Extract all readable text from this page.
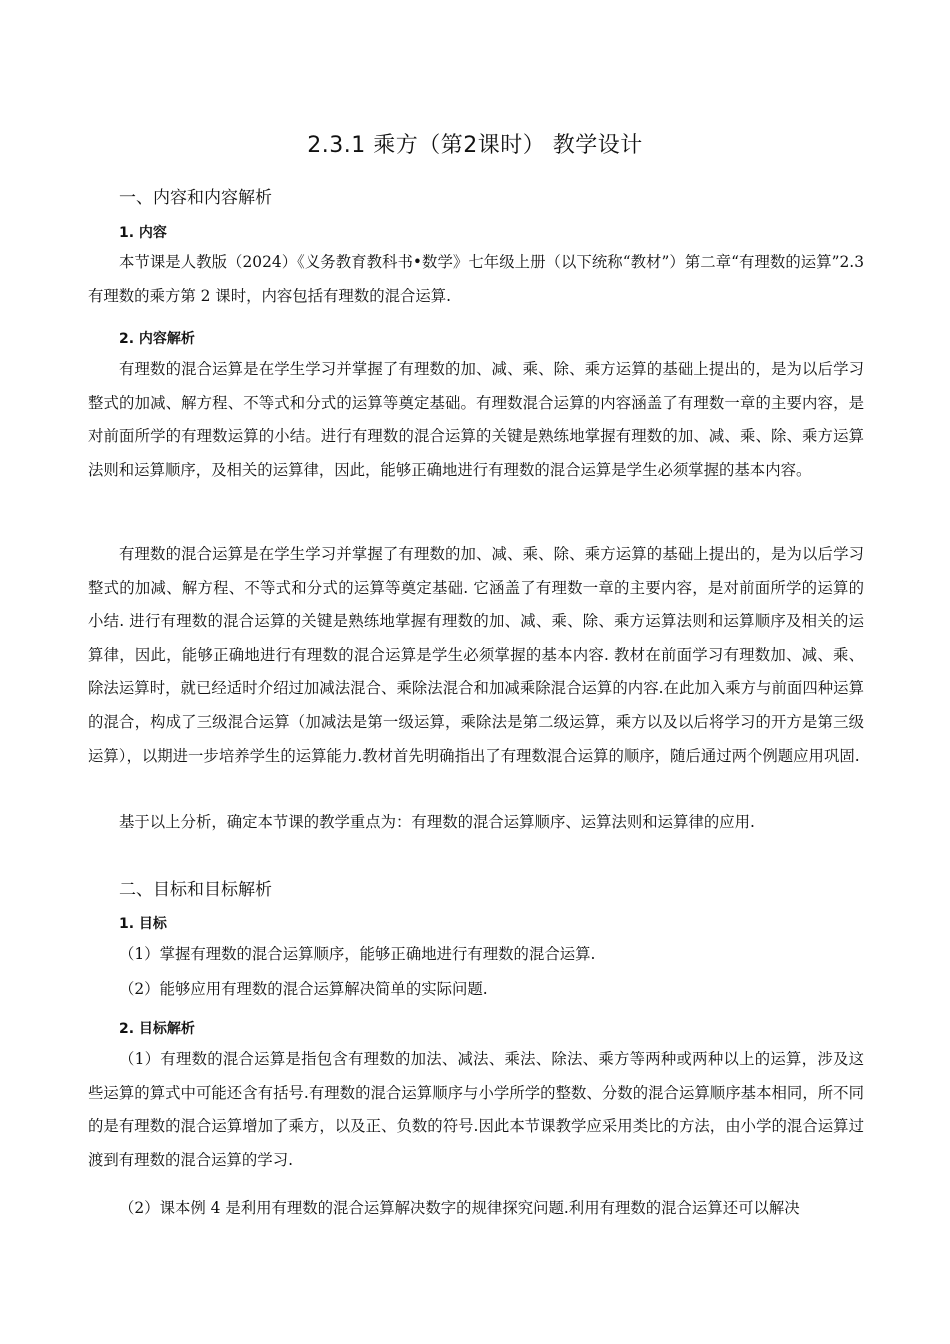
2.3.1 乘方（第2课时） 教学设计
一、内容和内容解析
1. 内容
本节课是人教版（2024）《义务教育教科书•数学》七年级上册（以下统称“教材”）第二章“有理数的运算”2.3 有理数的乘方第 2 课时，内容包括有理数的混合运算.
2. 内容解析
有理数的混合运算是在学生学习并掌握了有理数的加、减、乘、除、乘方运算的基础上提出的，是为以后学习整式的加减、解方程、不等式和分式的运算等奠定基础。有理数混合运算的内容涵盖了有理数一章的主要内容，是对前面所学的有理数运算的小结。进行有理数的混合运算的关键是熟练地掌握有理数的加、减、乘、除、乘方运算法则和运算顺序，及相关的运算律，因此，能够正确地进行有理数的混合运算是学生必须掌握的基本内容。
有理数的混合运算是在学生学习并掌握了有理数的加、减、乘、除、乘方运算的基础上提出的，是为以后学习整式的加减、解方程、不等式和分式的运算等奠定基础. 它涵盖了有理数一章的主要内容，是对前面所学的运算的小结. 进行有理数的混合运算的关键是熟练地掌握有理数的加、减、乘、除、乘方运算法则和运算顺序及相关的运算律，因此，能够正确地进行有理数的混合运算是学生必须掌握的基本内容. 教材在前面学习有理数加、减、乘、除法运算时，就已经适时介绍过加减法混合、乘除法混合和加减乘除混合运算的内容.在此加入乘方与前面四种运算的混合，构成了三级混合运算（加减法是第一级运算，乘除法是第二级运算，乘方以及以后将学习的开方是第三级运算），以期进一步培养学生的运算能力.教材首先明确指出了有理数混合运算的顺序，随后通过两个例题应用巩固.
基于以上分析，确定本节课的教学重点为：有理数的混合运算顺序、运算法则和运算律的应用.
二、目标和目标解析
1. 目标
（1）掌握有理数的混合运算顺序，能够正确地进行有理数的混合运算.
（2）能够应用有理数的混合运算解决简单的实际问题.
2. 目标解析
（1）有理数的混合运算是指包含有理数的加法、减法、乘法、除法、乘方等两种或两种以上的运算，涉及这些运算的算式中可能还含有括号.有理数的混合运算顺序与小学所学的整数、分数的混合运算顺序基本相同，所不同的是有理数的混合运算增加了乘方，以及正、负数的符号.因此本节课教学应采用类比的方法，由小学的混合运算过渡到有理数的混合运算的学习.
（2）课本例 4 是利用有理数的混合运算解决数字的规律探究问题.利用有理数的混合运算还可以解决
